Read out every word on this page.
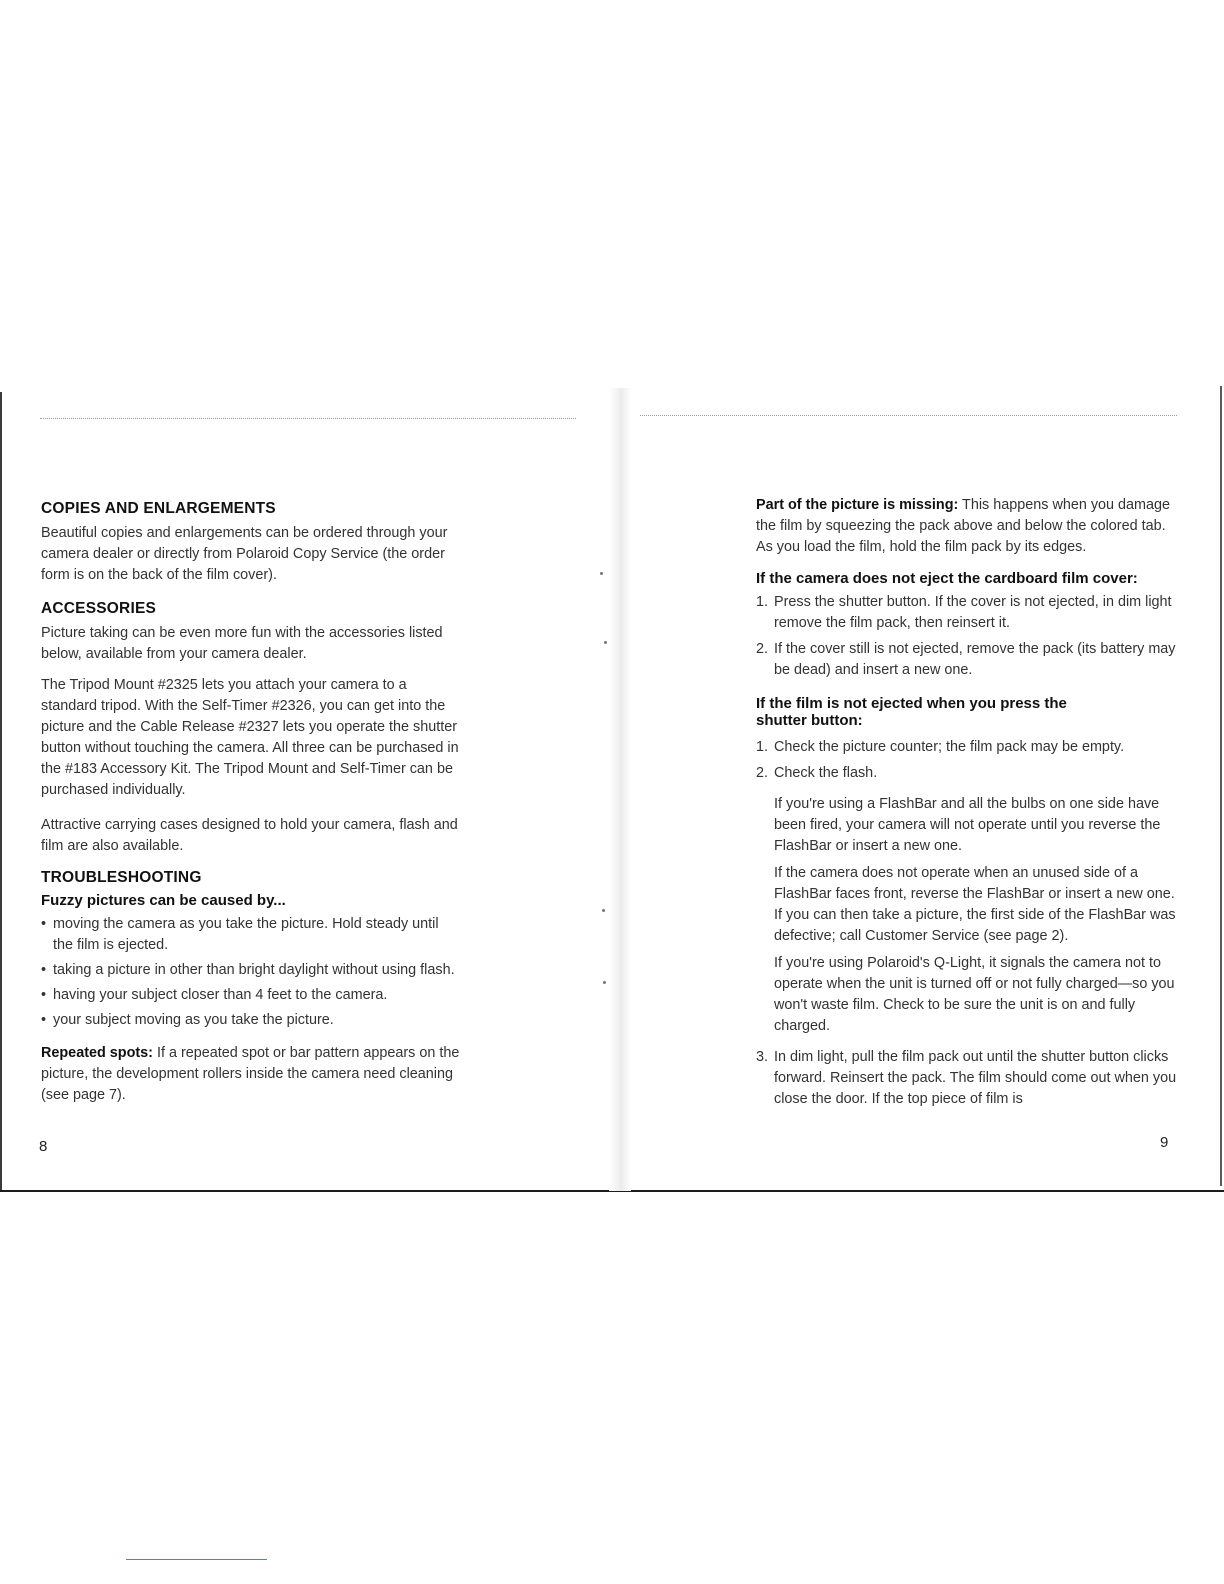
COPIES AND ENLARGEMENTS

Beautiful copies and enlargements can be ordered through your camera dealer or directly from Polaroid Copy Service (the order form is on the back of the film cover).

ACCESSORIES

Picture taking can be even more fun with the accessories listed below, available from your camera dealer.

The Tripod Mount #2325 lets you attach your camera to a standard tripod. With the Self-Timer #2326, you can get into the picture and the Cable Release #2327 lets you operate the shutter button without touching the camera. All three can be purchased in the #183 Accessory Kit. The Tripod Mount and Self-Timer can be purchased individually.

Attractive carrying cases designed to hold your camera, flash and film are also available.

TROUBLESHOOTING
Fuzzy pictures can be caused by...
• moving the camera as you take the picture. Hold steady until the film is ejected.
• taking a picture in other than bright daylight without using flash.
• having your subject closer than 4 feet to the camera.
• your subject moving as you take the picture.

Repeated spots: If a repeated spot or bar pattern appears on the picture, the development rollers inside the camera need cleaning (see page 7).

8

Part of the picture is missing: This happens when you damage the film by squeezing the pack above and below the colored tab. As you load the film, hold the film pack by its edges.

If the camera does not eject the cardboard film cover:
1. Press the shutter button. If the cover is not ejected, in dim light remove the film pack, then reinsert it.
2. If the cover still is not ejected, remove the pack (its battery may be dead) and insert a new one.
If the film is not ejected when you press the
shutter button:
1. Check the picture counter; the film pack may be empty.
2. Check the flash.

If you're using a FlashBar and all the bulbs on one side have been fired, your camera will not operate until you reverse the FlashBar or insert a new one.

If the camera does not operate when an unused side of a FlashBar faces front, reverse the FlashBar or insert a new one. If you can then take a picture, the first side of the FlashBar was defective; call Customer Service (see page 2).

If you're using Polaroid's Q-Light, it signals the camera not to operate when the unit is turned off or not fully charged—so you won't waste film. Check to be sure the unit is on and fully charged.

3. In dim light, pull the film pack out until the shutter button clicks forward. Reinsert the pack. The film should come out when you close the door. If the top piece of film is
9
